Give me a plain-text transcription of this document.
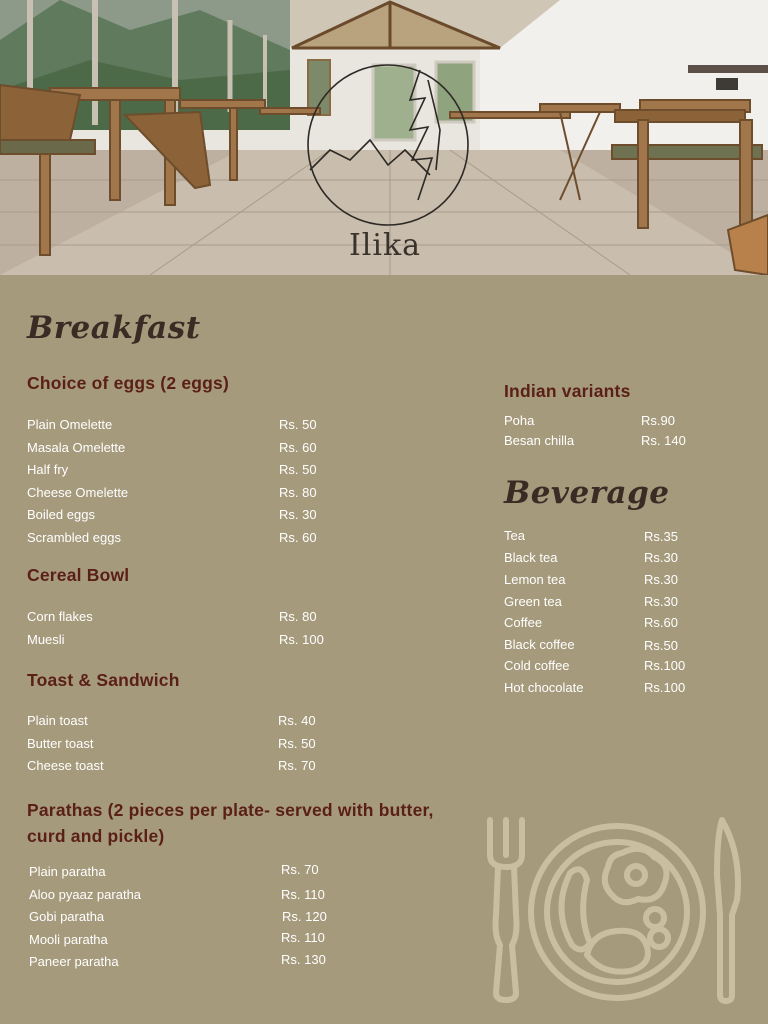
Ilika
Breakfast
Choice of eggs (2 eggs)
Plain Omelette	Rs. 50
Masala Omelette	Rs. 60
Half fry	Rs. 50
Cheese Omelette	Rs. 80
Boiled eggs	Rs. 30
Scrambled eggs	Rs. 60
Cereal Bowl
Corn flakes	Rs. 80
Muesli	Rs. 100
Toast & Sandwich
Plain toast	Rs. 40
Butter toast	Rs. 50
Cheese toast	Rs. 70
Parathas (2 pieces per plate- served with butter, curd and pickle)
Plain paratha	Rs. 70
Aloo pyaaz paratha	Rs. 110
Gobi paratha	Rs. 120
Mooli paratha	Rs. 110
Paneer paratha	Rs. 130
Indian variants
Poha	Rs.90
Besan chilla	Rs. 140
Beverage
Tea	Rs.35
Black tea	Rs.30
Lemon tea	Rs.30
Green tea	Rs.30
Coffee	Rs.60
Black coffee	Rs.50
Cold coffee	Rs.100
Hot chocolate	Rs.100
